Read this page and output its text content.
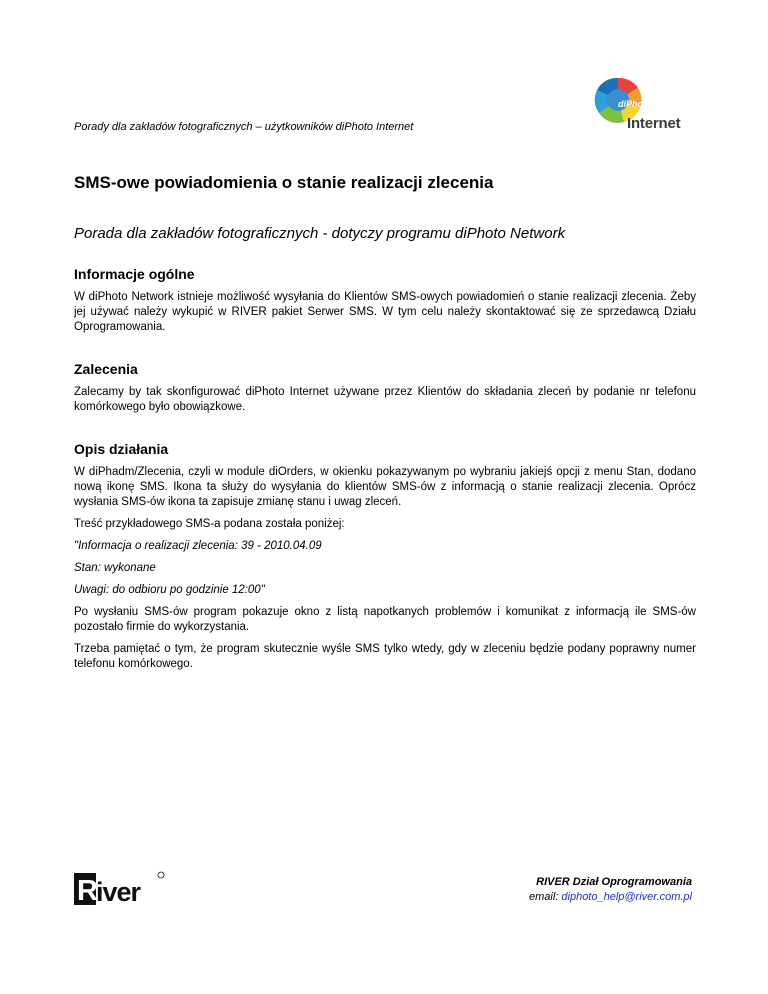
Porady dla zakładów fotograficznych – użytkowników diPhoto Internet
diPhoto
Internet
SMS-owe powiadomienia o stanie realizacji zlecenia
Porada dla zakładów fotograficznych - dotyczy programu diPhoto Network
Informacje ogólne

W diPhoto Network istnieje możliwość wysyłania do Klientów SMS-owych powiadomień o stanie realizacji zlecenia. Żeby jej używać należy wykupić w RIVER pakiet Serwer SMS. W tym celu należy skontaktować się ze sprzedawcą Działu Oprogramowania.

Zalecenia

Zalecamy by tak skonfigurować diPhoto Internet używane przez Klientów do składania zleceń by podanie nr telefonu komórkowego było obowiązkowe.

Opis działania

W diPhadm/Zlecenia, czyli w module diOrders, w okienku pokazywanym po wybraniu jakiejś opcji z menu Stan, dodano nową ikonę SMS. Ikona ta służy do wysyłania do klientów SMS-ów z informacją o stanie realizacji zlecenia. Oprócz wysłania SMS-ów ikona ta zapisuje zmianę stanu i uwag zleceń.

Treść przykładowego SMS-a podana została poniżej:

"Informacja o realizacji zlecenia: 39 - 2010.04.09

Stan: wykonane

Uwagi: do odbioru po godzinie 12:00"

Po wysłaniu SMS-ów program pokazuje okno z listą napotkanych problemów i komunikat z informacją ile SMS-ów pozostało firmie do wykorzystania.

Trzeba pamiętać o tym, że program skutecznie wyśle SMS tylko wtedy, gdy w zleceniu będzie podany poprawny numer telefonu komórkowego.

R
iver	RIVER Dział Oprogramowania
email: diphoto_help@river.com.pl
